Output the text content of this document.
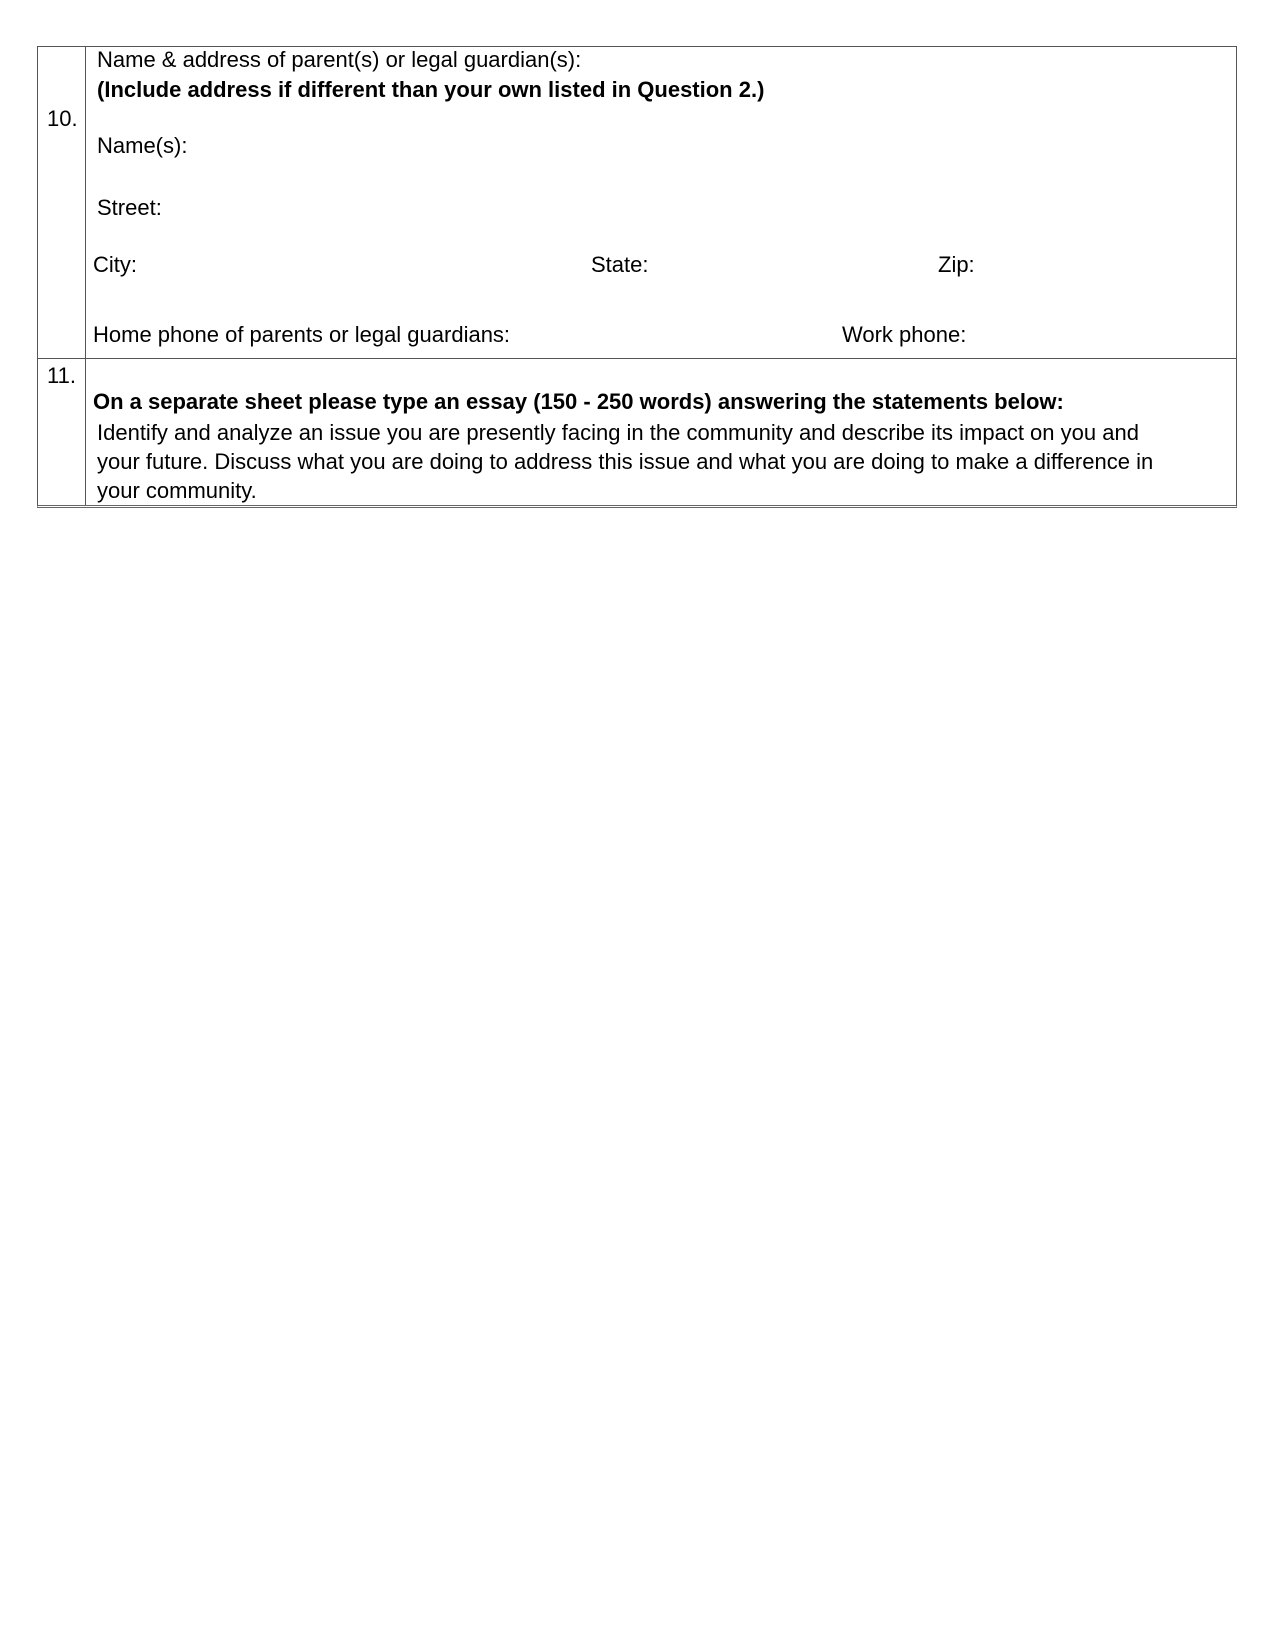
10.
Name & address of parent(s) or legal guardian(s):
(Include address if different than your own listed in Question 2.)
Name(s):
Street:
City:	State:	Zip:
Home phone of parents or legal guardians:	Work phone:
11.
On a separate sheet please type an essay (150 - 250 words) answering the statements below:
Identify and analyze an issue you are presently facing in the community and describe its impact on you and your future. Discuss what you are doing to address this issue and what you are doing to make a difference in your community.
